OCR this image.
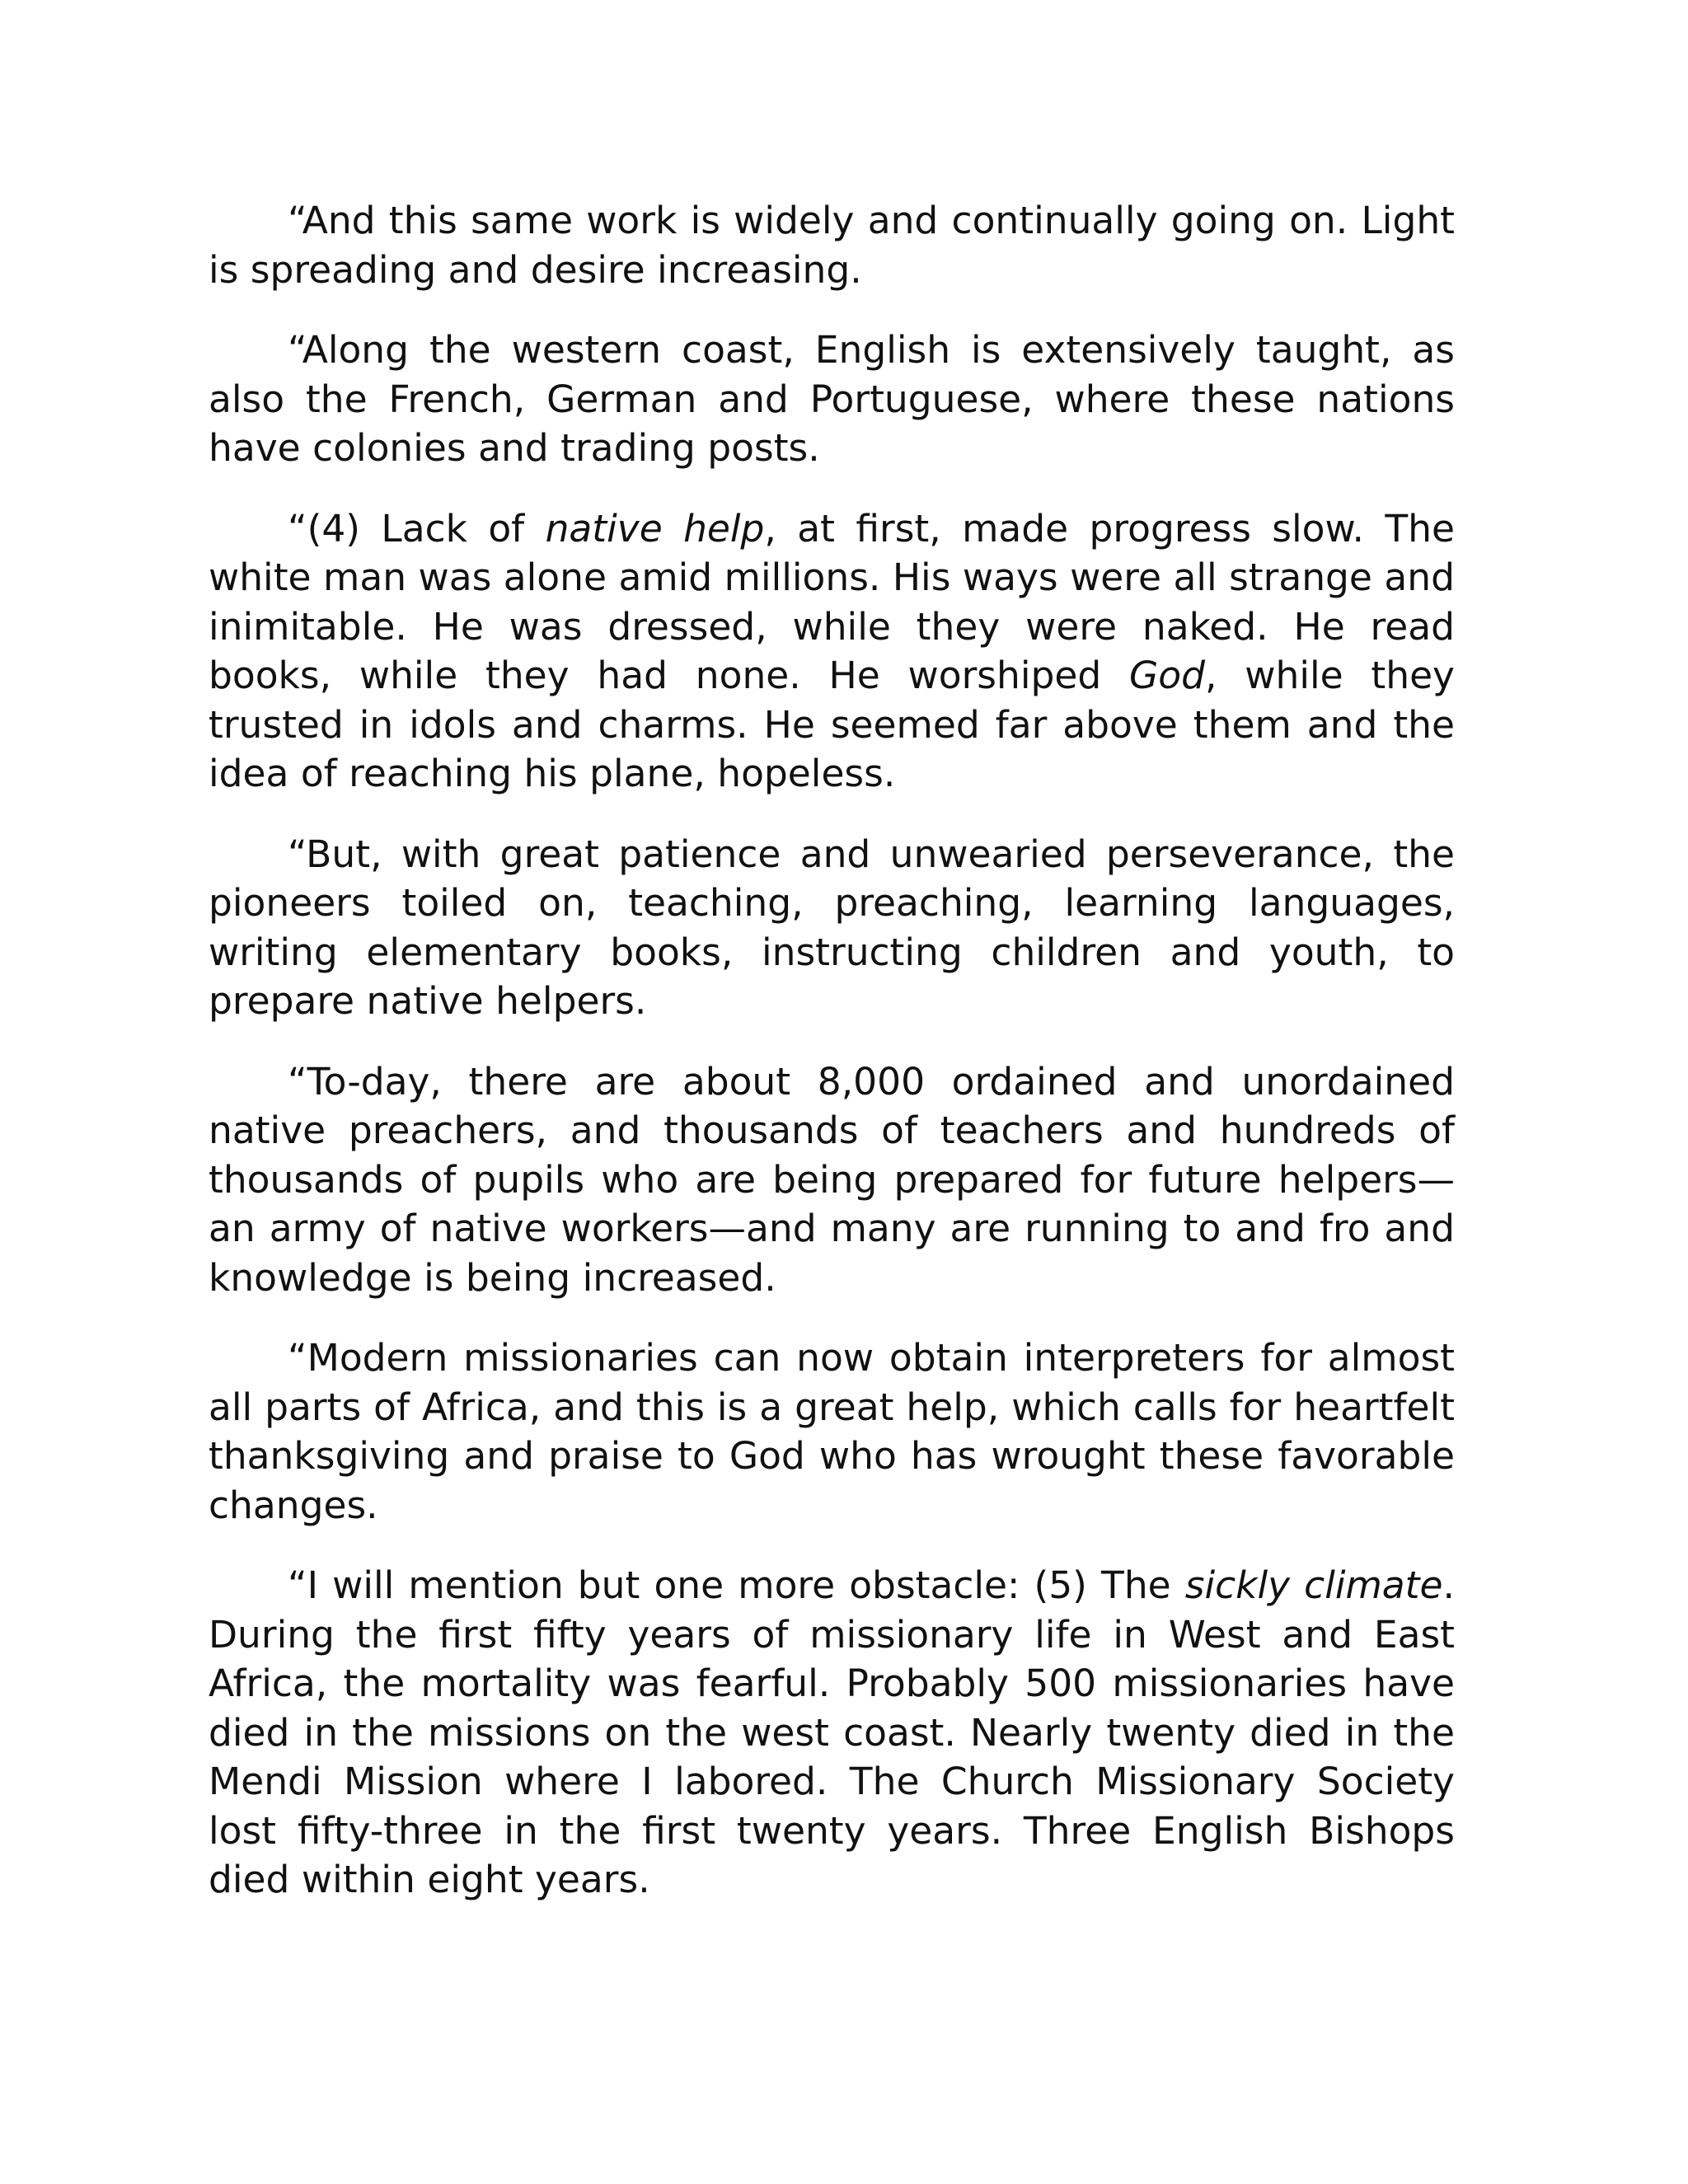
“And this same work is widely and continually going on. Light is spreading and desire increasing.

“Along the western coast, English is extensively taught, as also the French, German and Portuguese, where these nations have colonies and trading posts.

“(4) Lack of native help, at first, made progress slow. The white man was alone amid millions. His ways were all strange and inimitable. He was dressed, while they were naked. He read books, while they had none. He worshiped God, while they trusted in idols and charms. He seemed far above them and the idea of reaching his plane, hopeless.

“But, with great patience and unwearied perseverance, the pioneers toiled on, teaching, preaching, learning languages, writing elementary books, instructing children and youth, to prepare native helpers.

“To-day, there are about 8,000 ordained and unordained native preachers, and thousands of teachers and hundreds of thousands of pupils who are being prepared for future helpers—an army of native workers—and many are running to and fro and knowledge is being increased.

“Modern missionaries can now obtain interpreters for almost all parts of Africa, and this is a great help, which calls for heartfelt thanksgiving and praise to God who has wrought these favorable changes.

“I will mention but one more obstacle: (5) The sickly climate. During the first fifty years of missionary life in West and East Africa, the mortality was fearful. Probably 500 missionaries have died in the missions on the west coast. Nearly twenty died in the Mendi Mission where I labored. The Church Missionary Society lost fifty-three in the first twenty years. Three English Bishops died within eight years.
